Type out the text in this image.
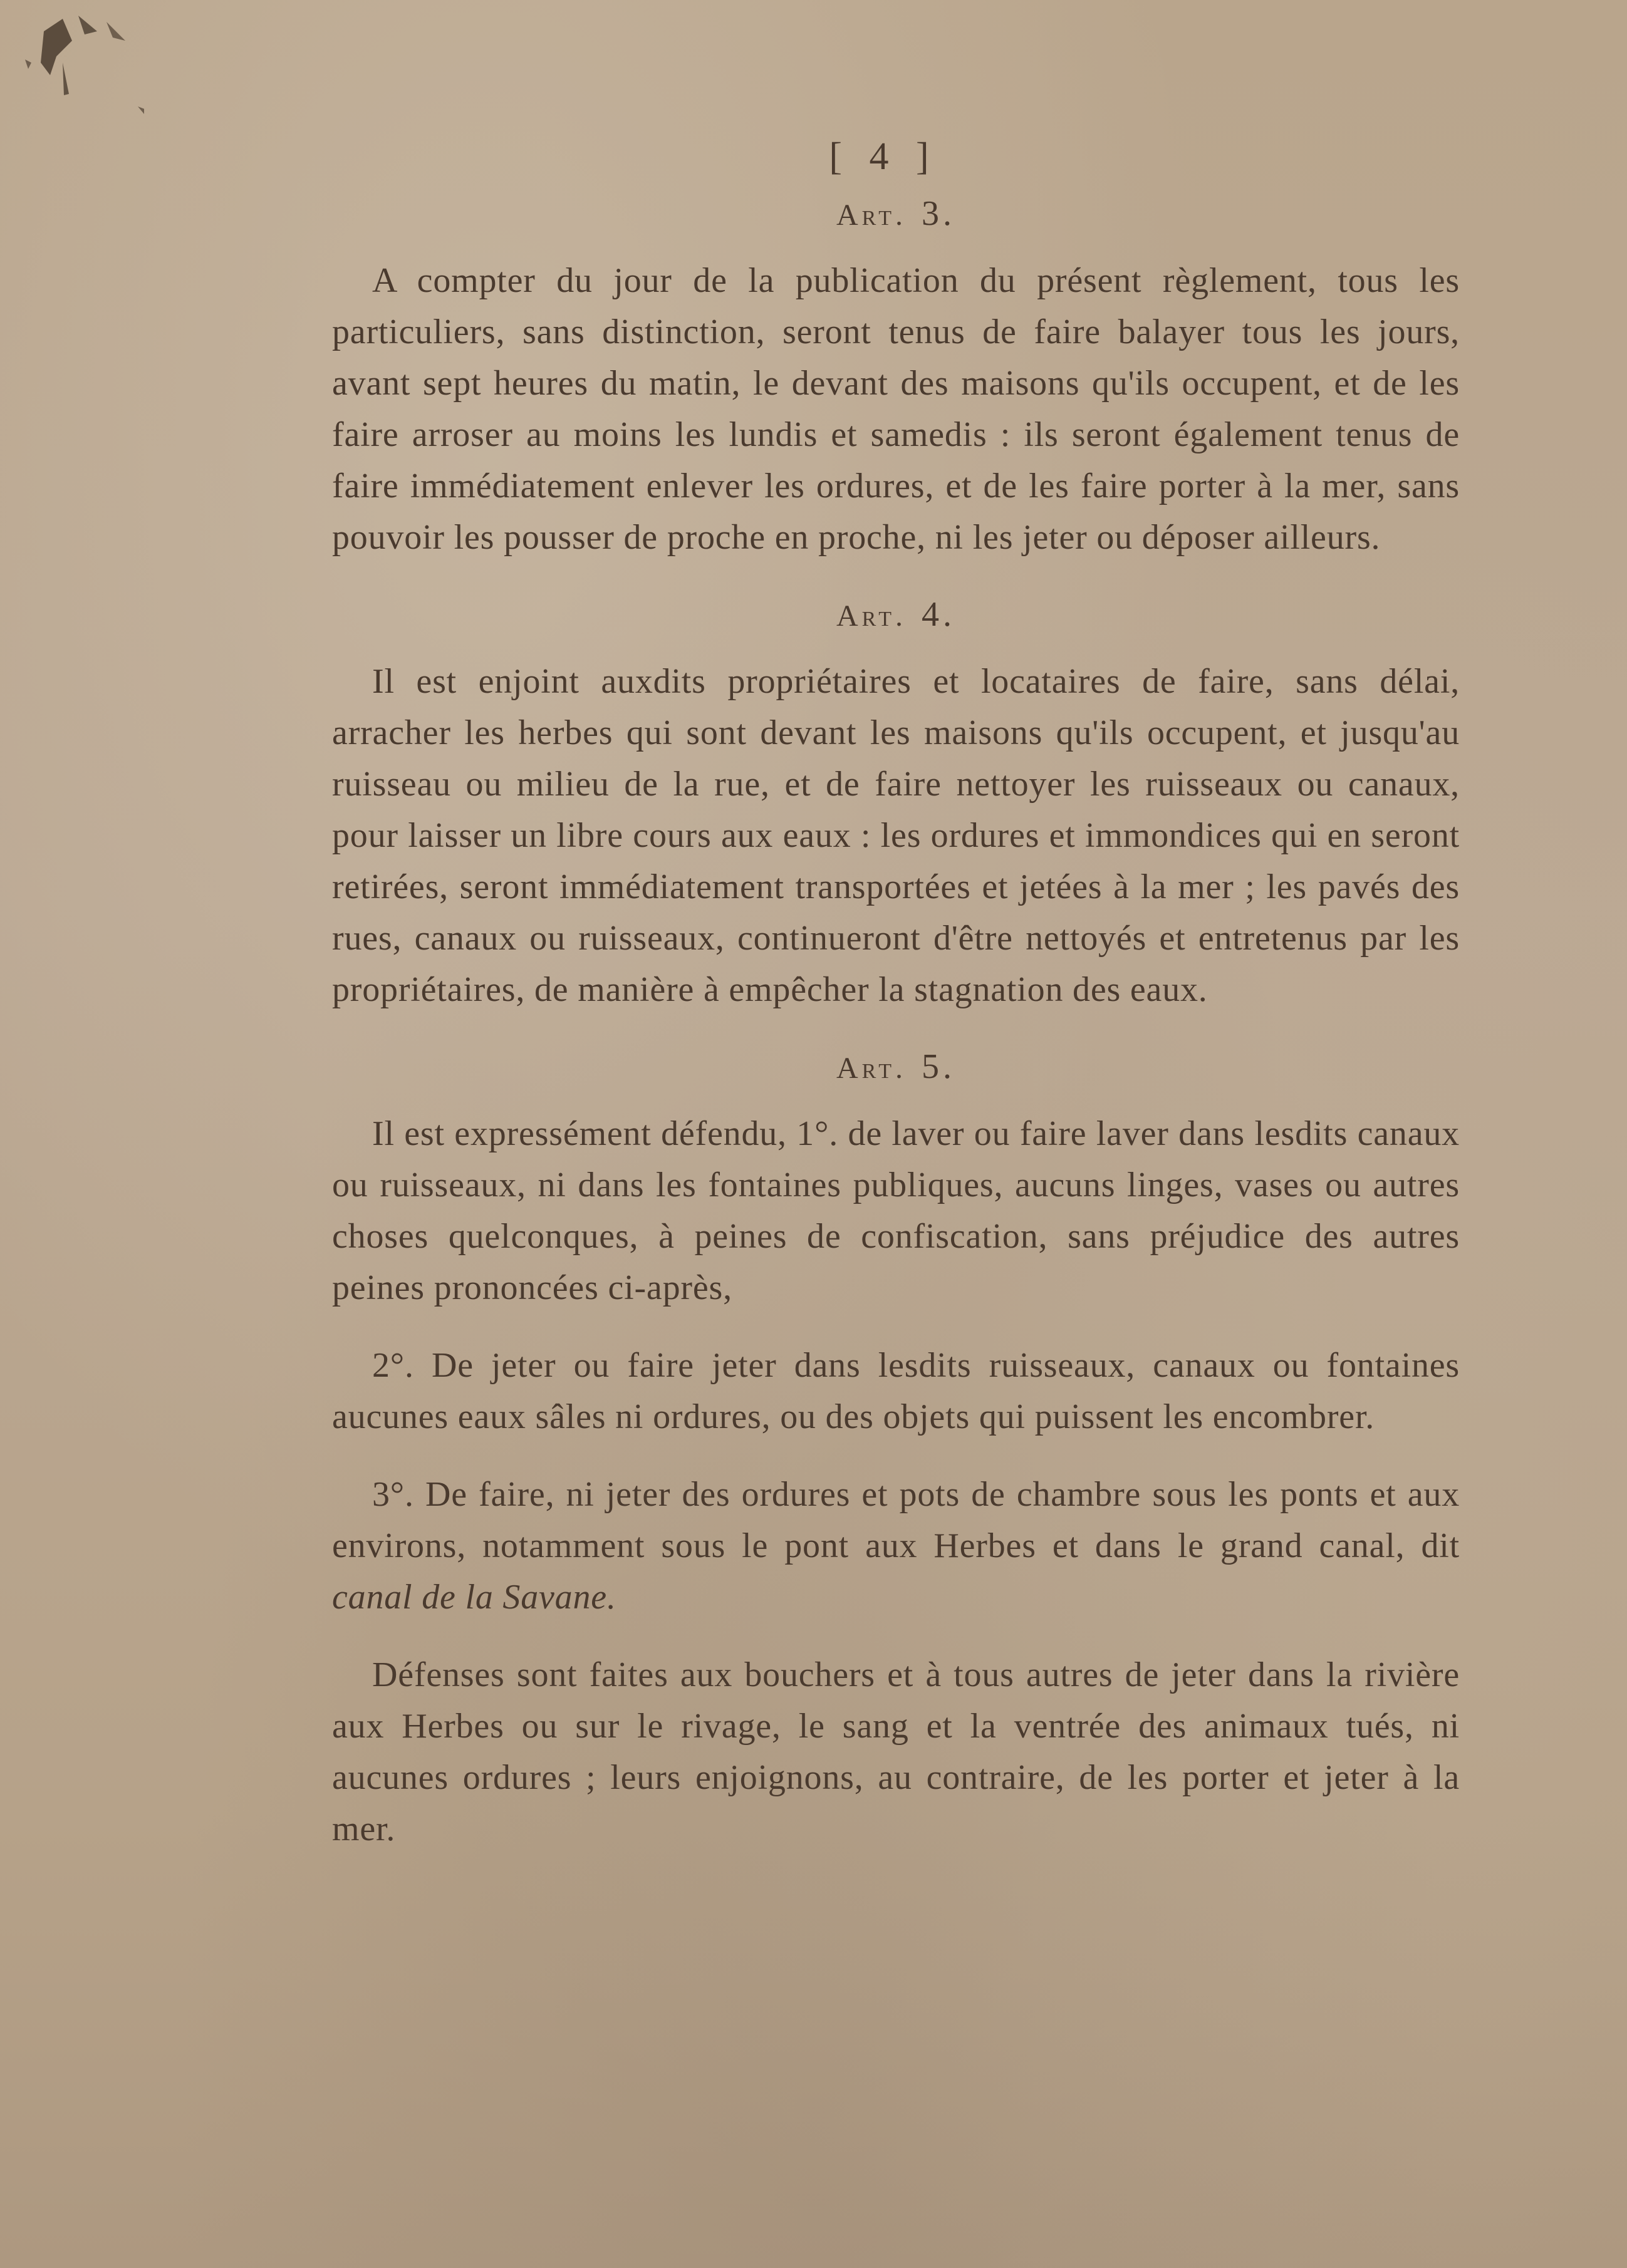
[ 4 ]
Art. 3.

A compter du jour de la publication du présent règlement, tous les particuliers, sans distinction, seront tenus de faire balayer tous les jours, avant sept heures du matin, le devant des maisons qu'ils occupent, et de les faire arroser au moins les lundis et samedis : ils seront également tenus de faire immédiatement enlever les ordures, et de les faire porter à la mer, sans pouvoir les pousser de proche en proche, ni les jeter ou déposer ailleurs.

Art. 4.

Il est enjoint auxdits propriétaires et locataires de faire, sans délai, arracher les herbes qui sont devant les maisons qu'ils occupent, et jusqu'au ruisseau ou milieu de la rue, et de faire nettoyer les ruisseaux ou canaux, pour laisser un libre cours aux eaux : les ordures et immondices qui en seront retirées, seront immédiatement transportées et jetées à la mer ; les pavés des rues, canaux ou ruisseaux, continueront d'être nettoyés et entretenus par les propriétaires, de manière à empêcher la stagnation des eaux.

Art. 5.

Il est expressément défendu, 1°. de laver ou faire laver dans lesdits canaux ou ruisseaux, ni dans les fontaines publiques, aucuns linges, vases ou autres choses quelconques, à peines de confiscation, sans préjudice des autres peines prononcées ci-après,

2°. De jeter ou faire jeter dans lesdits ruisseaux, canaux ou fontaines aucunes eaux sâles ni ordures, ou des objets qui puissent les encombrer.

3°. De faire, ni jeter des ordures et pots de chambre sous les ponts et aux environs, notamment sous le pont aux Herbes et dans le grand canal, dit canal de la Savane.

Défenses sont faites aux bouchers et à tous autres de jeter dans la rivière aux Herbes ou sur le rivage, le sang et la ventrée des animaux tués, ni aucunes ordures ; leurs enjoignons, au contraire, de les porter et jeter à la mer.
